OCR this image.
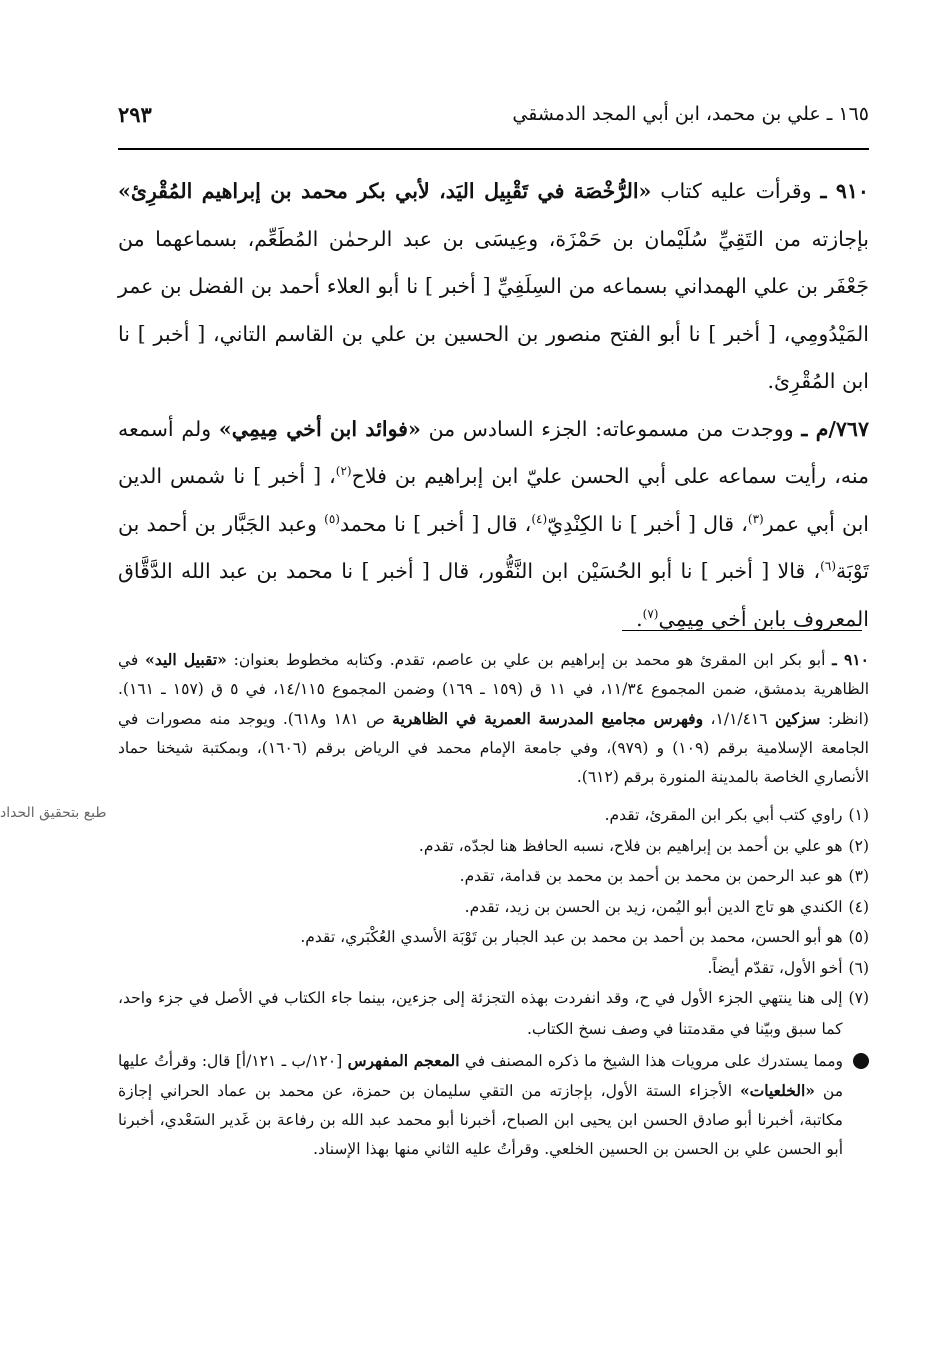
١٦٥ ـ علي بن محمد، ابن أبي المجد الدمشقي
٢٩٣

٩١٠ ـ وقرأت عليه كتاب «الرُّخْصَة في تَقْبِيل اليَد، لأبي بكر محمد بن إبراهيم المُقْرِئ» بإجازته من التَقِيِّ سُلَيْمان بن حَمْزَة، وعِيسَى بن عبد الرحمٰن المُطَعِّم، بسماعهما من جَعْفَر بن علي الهمداني بسماعه من السِلَفِيِّ [ أخبر ] نا أبو العلاء أحمد بن الفضل بن عمر المَيْدُومِي، [ أخبر ] نا أبو الفتح منصور بن الحسين بن علي بن القاسم التاني، [ أخبر ] نا ابن المُقْرِئ.

٧٦٧/م ـ ووجدت من مسموعاته: الجزء السادس من «فوائد ابن أخي مِيمِي» ولم أسمعه منه، رأيت سماعه على أبي الحسن عليّ ابن إبراهيم بن فلاح$^{(٢)}$، [ أخبر ] نا شمس الدين ابن أبي عمر$^{(٣)}$، قال [ أخبر ] نا الكِنْدِيّ$^{(٤)}$، قال [ أخبر ] نا محمد$^{(٥)}$ وعبد الجَبَّار بن أحمد بن تَوْبَة$^{(٦)}$، قالا [ أخبر ] نا أبو الحُسَيْن ابن النَّقُّور، قال [ أخبر ] نا محمد بن عبد الله الدَّقَّاق المعروف بابن أخي مِيمِي$^{(٧)}$.

٩١٠ ـ أبو بكر ابن المقرئ هو محمد بن إبراهيم بن علي بن عاصم، تقدم. وكتابه مخطوط بعنوان: «تقبيل اليد» في الظاهرية بدمشق، ضمن المجموع ١١/٣٤، في ١١ ق (١٥٩ ـ ١٦٩) وضمن المجموع ١٤/١١٥، في ٥ ق (١٥٧ ـ ١٦١). (انظر: سزكين ١/١/٤١٦، وفهرس مجاميع المدرسة العمرية في الظاهرية ص ١٨١ و٦١٨). ويوجد منه مصورات في الجامعة الإسلامية برقم (١٠٩) و (٩٧٩)، وفي جامعة الإمام محمد في الرياض برقم (١٦٠٦)، وبمكتبة شيخنا حماد الأنصاري الخاصة بالمدينة المنورة برقم (٦١٢).

(١)
راوي كتب أبي بكر ابن المقرئ، تقدم.
(٢)
هو علي بن أحمد بن إبراهيم بن فلاح، نسبه الحافظ هنا لجدّه، تقدم.
(٣)
هو عبد الرحمن بن محمد بن أحمد بن محمد بن قدامة، تقدم.
(٤)
الكندي هو تاج الدين أبو اليُمن، زيد بن الحسن بن زيد، تقدم.
(٥)
هو أبو الحسن، محمد بن أحمد بن محمد بن عبد الجبار بن تَوْبَة الأسدي العُكْبَري، تقدم.
(٦)
أخو الأول، تقدّم أيضاً.
(٧)
إلى هنا ينتهي الجزء الأول في ح، وقد انفردت بهذه التجزئة إلى جزءين، بينما جاء الكتاب في الأصل في جزء واحد، كما سبق وبيّنا في مقدمتنا في وصف نسخ الكتاب.
ومما يستدرك على مرويات هذا الشيخ ما ذكره المصنف في المعجم المفهرس [١٢٠/ب ـ ١٢١/أ] قال: وقرأتُ عليها من «الخلعيات» الأجزاء الستة الأول، بإجازته من التقي سليمان بن حمزة، عن محمد بن عماد الحراني إجازة مكاتبة، أخبرنا أبو صادق الحسن ابن يحيى ابن الصباح، أخبرنا أبو محمد عبد الله بن رفاعة بن غَدير السَعْدي، أخبرنا أبو الحسن علي بن الحسن بن الحسين الخلعي. وقرأتُ عليه الثاني منها بهذا الإسناد.
طبع بتحقيق الحداد
